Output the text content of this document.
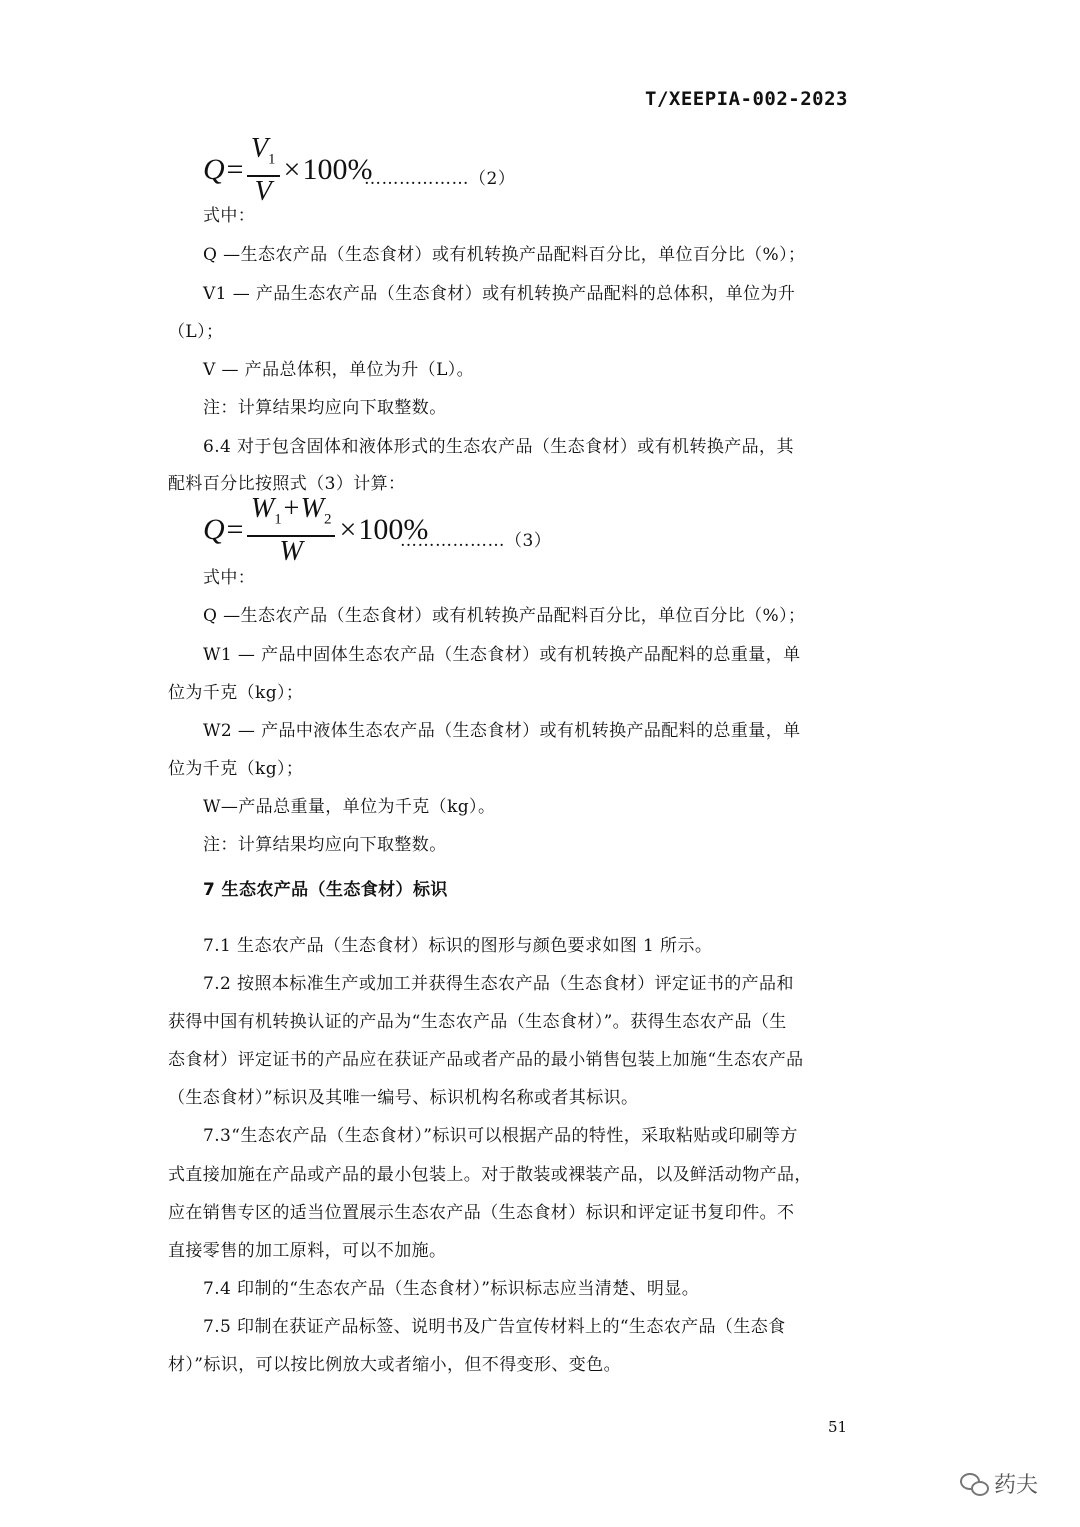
T/XEEPIA-002-2023
$Q= \frac{V_1}{V} \times 100\%$
………………（2）
式中：
Q —生态农产品（生态食材）或有机转换产品配料百分比，单位百分比（%）；
V1 — 产品生态农产品（生态食材）或有机转换产品配料的总体积，单位为升
（L）；
V — 产品总体积，单位为升（L）。
注：计算结果均应向下取整数。
6.4 对于包含固体和液体形式的生态农产品（生态食材）或有机转换产品，其
配料百分比按照式（3）计算：
$Q= \frac{W_1+W_2}{W} \times 100\%$
………………（3）
式中：
Q —生态农产品（生态食材）或有机转换产品配料百分比，单位百分比（%）；
W1 — 产品中固体生态农产品（生态食材）或有机转换产品配料的总重量，单
位为千克（kg）；
W2 — 产品中液体生态农产品（生态食材）或有机转换产品配料的总重量，单
位为千克（kg）；
W—产品总重量，单位为千克（kg）。
注：计算结果均应向下取整数。
7 生态农产品（生态食材）标识
7.1 生态农产品（生态食材）标识的图形与颜色要求如图 1 所示。
7.2 按照本标准生产或加工并获得生态农产品（生态食材）评定证书的产品和
获得中国有机转换认证的产品为“生态农产品（生态食材）”。获得生态农产品（生
态食材）评定证书的产品应在获证产品或者产品的最小销售包装上加施“生态农产品
（生态食材）”标识及其唯一编号、标识机构名称或者其标识。
7.3“生态农产品（生态食材）”标识可以根据产品的特性，采取粘贴或印刷等方
式直接加施在产品或产品的最小包装上。对于散装或裸装产品，以及鲜活动物产品，
应在销售专区的适当位置展示生态农产品（生态食材）标识和评定证书复印件。不
直接零售的加工原料，可以不加施。
7.4 印制的“生态农产品（生态食材）”标识标志应当清楚、明显。
7.5 印制在获证产品标签、说明书及广告宣传材料上的“生态农产品（生态食
材）”标识，可以按比例放大或者缩小，但不得变形、变色。
51
药夫
